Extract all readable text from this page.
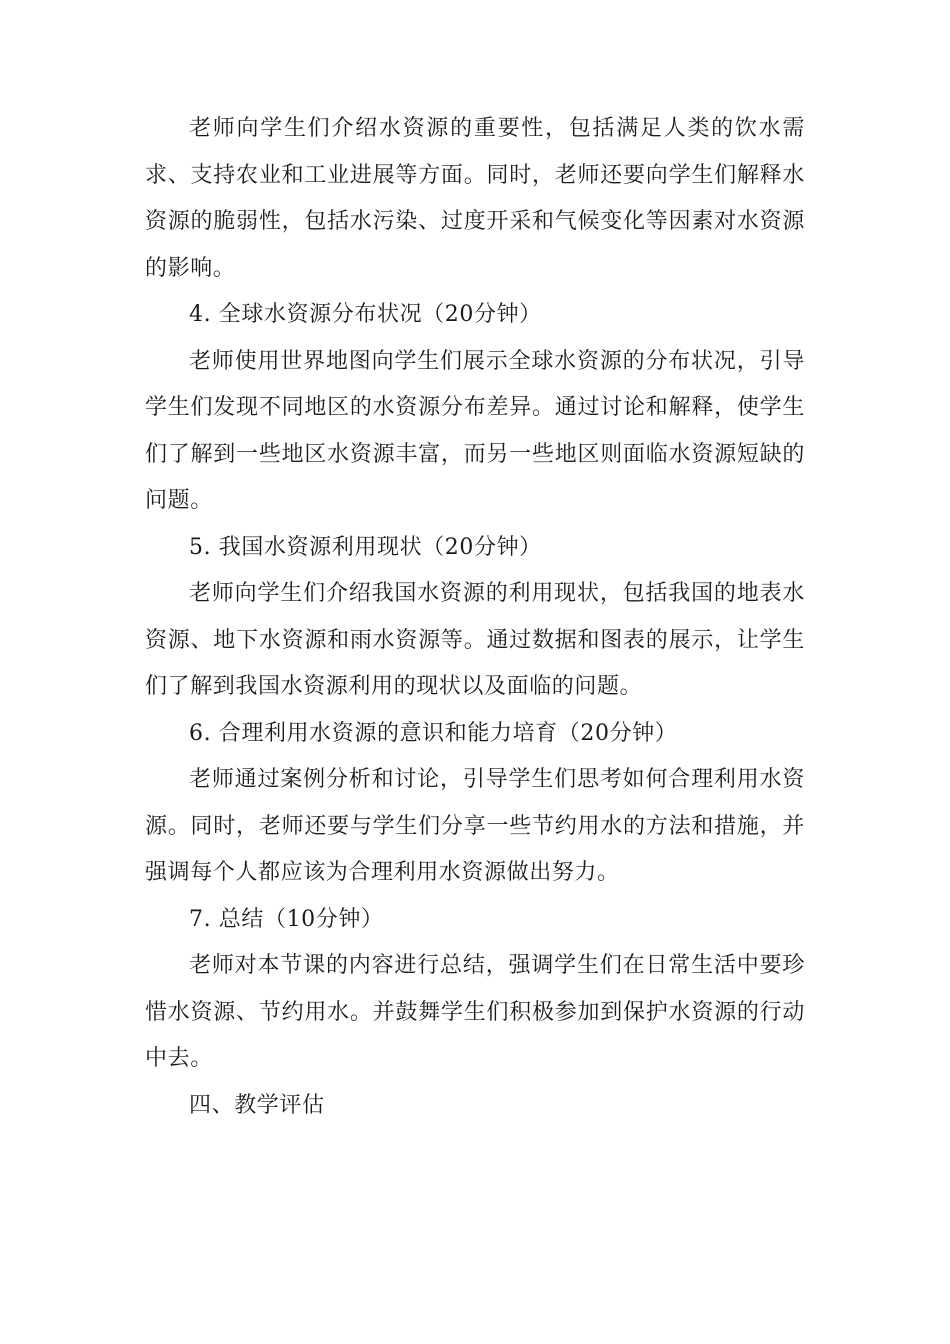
老师向学生们介绍水资源的重要性，包括满足人类的饮水需求、支持农业和工业进展等方面。同时，老师还要向学生们解释水资源的脆弱性，包括水污染、过度开采和气候变化等因素对水资源的影响。

4. 全球水资源分布状况（20分钟）

老师使用世界地图向学生们展示全球水资源的分布状况，引导学生们发现不同地区的水资源分布差异。通过讨论和解释，使学生们了解到一些地区水资源丰富，而另一些地区则面临水资源短缺的问题。

5. 我国水资源利用现状（20分钟）

老师向学生们介绍我国水资源的利用现状，包括我国的地表水资源、地下水资源和雨水资源等。通过数据和图表的展示，让学生们了解到我国水资源利用的现状以及面临的问题。

6. 合理利用水资源的意识和能力培育（20分钟）

老师通过案例分析和讨论，引导学生们思考如何合理利用水资源。同时，老师还要与学生们分享一些节约用水的方法和措施，并强调每个人都应该为合理利用水资源做出努力。

7. 总结（10分钟）

老师对本节课的内容进行总结，强调学生们在日常生活中要珍惜水资源、节约用水。并鼓舞学生们积极参加到保护水资源的行动中去。

四、教学评估
